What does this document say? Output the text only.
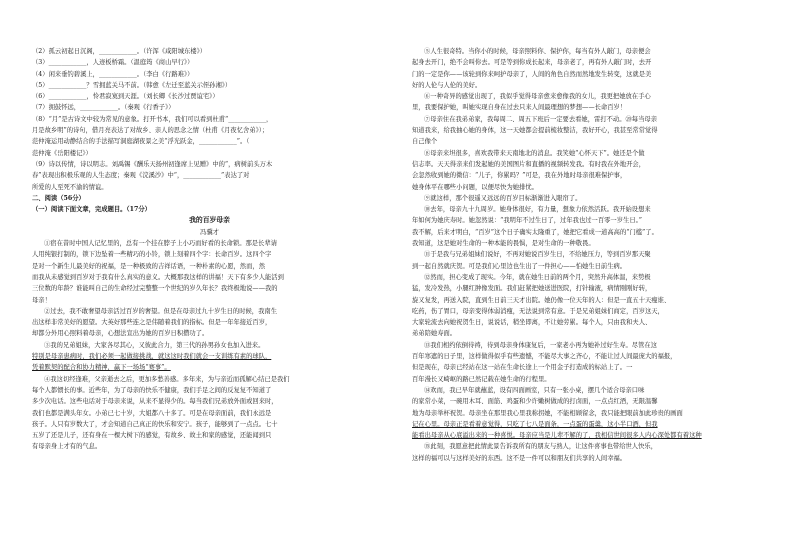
（2）孤云初起日沉阁，____________。（许浑《咸阳城东楼》）
（3）____________，人迹板桥霜。（温庭筠《商山早行》）
（4）闲来垂钓碧溪上，____________。（李白《行路难》）
（5）____________？雪拥蓝关马不前。（韩愈《左迁至蓝关示侄孙湘》）
（6）____________，怜君寂寞到天涯。（刘长卿《长沙过贾谊宅》）
（7）拥鼓怀远，____________。（秦观《行香子》）
（8）“月”是古诗文中较为常见的意象。打开书本，我们可以看到杜甫“____________，
月是故乡明”的诗句，借月亮表达了对故乡、亲人的思念之情（杜甫《月夜忆舍弟》）；
范仲淹运用动静结合的手法描写洞庭湖夜景之美“浮光跃金，____________”。（
范仲淹《岳阳楼记》）
（9）诗以传情，诗以明志。刘禹锡《酬乐天扬州初逢席上见赠》中的“，病树前头万木
春”表现出积极乐观的人生态度；秦观《浣溪沙》中“，____________”表达了对
所爱的人至死不渝的情谊。
二、阅读（56分）
（一）阅读下面文章，完成题目。（17分）
我的百岁母亲
冯骥才
①宿在昔时中国人记忆里的，总有一个挂在脖子上小巧而好看的长命锁。那是长辈请
人用纯银打制的，锁下边坠着一些精巧的小铃，锁上刻着四个字：长命百岁。这四个字
是对一个新生儿最美好的祝福，是一种极致的吉祥话语，一种朴素的心愿，然而，然
而我从未感觉到百岁对于我有什么真实的意义。大概那我这样的讲福！天下有多少人能活到
三位数的年龄？谁能叫自己的生命经过完整整一个世纪的岁久年长？我终极地说——我的
母亲！
②过去，我不敢奢望母亲活过百岁的奢望。但是在母亲过九十岁生日的时候，我南生
出这样非常美好的愿望。大英好那些连之是伟随着我们的指标。但是一年年接近百岁，
却都分外用心照料着母亲，心想法宣出为她的百岁日积攒功了。
③我的兄弟姐妹，大家各尽其心，又彼此合力，第三代的孙男孙女也加入进来。
特别是母亲患病时，我们必须一起做接挑战，就这这时我们就会一支训练有素的球队，
凭着默契的配合和协力精神，赢下一场场“赛事”。
④我这切经逢难，父亲逝去之后，更加多愁善感。多年来，为与亲近而孤解心结已是我们
每个人都惯长的事。近些年，为了母亲的快乐不健康，我们手足之间的反复复不知道了
多少次电话。这些电话对于母亲来说，从来不显得少的。每当我们兄弟放外面或回来时，
我们也都是满头年女。小弟已七十岁，大姐都八十多了。可是在母亲面前，我们永远是
孩子。人只有岁数大了，才会知道自己真正的快乐和安宁。孩子，能够到了一点点。七十
五岁了还是儿子，还有身在一棵大树下的感觉，有故乡、故土和家的感觉，还能闻到只
有母亲身上才有的气息。
⑤人生很奇特。当你小的时候，母亲照料你、保护你，每当有外人敲门，母亲便会
起身去开门，绝不会叫你去。可是等到你成长起来，母亲老了，再有外人敲门时，去开
门的一定是你——该轮到你来呵护母亲了，人间的角色自然而然地发生转变，这就是美
好的人伦与人伦的美好。
⑥一种奇异的感觉出现了，我似乎觉得母亲愈来愈像我的女儿，我更把她放在手心
里，我要保护她，叫她实现自身在过去只来人间最理想的梦想——长命百岁！
⑦母亲住在我弟弟家，我每周二、周五下班后一定要去看她，雷打不动。⑳每当母亲
知道我来，给我抽心她的身体，这一天她都会提前梳妆整洁，我好开心，我甚至常常觉得
自己像个
⑧母亲来坦很多，喜欢我带来天南地北的消息。我笑她“心怀天下”。她还是个做
信志率。天天得亲来们发起她的美国图片和直播的视频转发我。有时我在外地开会，
会忽然收到她的微信：“儿子，你累吗？”可是，我在外地时母亲很难保护事，
她身体平在哪些小问题，以便尽快为她排忧。
⑨就这样，那个很遥又远远的百岁目标渐渐进入眼帘了。
⑩去年，母亲九十九周岁。她身体很好，有力量，想象力依然活跃。我开始设想来
年如何为她庆寿时。她忽然说：“我明年不过生日了，过年我也过一百零一岁生日。”
我不解，后来才明白，“百岁”这个日子确实太隆重了，她把它看成一道高高的“门槛”了。
我知道，这是她对生命的一种本能的畏惧，是对生命的一种敬畏。
⑪于是我与兄弟姐妹们说好，不再对她说百岁生日，不给她压力，等到百岁那天聚
到一起自然就庆贺。可是我们心里边也生出了一件担心——怕她生日前生病。
⑫然而，担心变成了现实。今年，就在她生日前的两个月，突然升高体温，来势极
猛，发冷发热，小腿红肿像发面。我们赶紧把她送进医院，打针输液，病情刚刚好转，
旋又复发，再送入院，直到生日前三天才出院。她仍像一位天年的人：但是一直五十天瘦谁、
吃药，伤了胃口，母亲变得体弱消瘦，无法说到常有意。于是兄弟姐妹们商定，百岁这天，
大家轮流去向她祝贺生日，说说话，稍坐即离，不让她劳累。每个人，只由我和夫人、
弟弟陪她寿面。
⑬我们相约依倒待祷，待到母亲身体康复后，一家老小再为她补过好生寿。尽管在这
百年寒遮的日子里，这样做得似乎有些遗憾，不能尽大事之齐心，不能让过人间最庞大的福报，
但是现在，母亲已经站在这一站在生命长途上一个用金子打造成的标站上了。一
百年漫长又崎岖的路已然记载在她生命的行程里。
⑭欢而，我已早年就蘸蓝，设有四面画室，只有一张小桌，摆几个适合母亲口味
的家常小菜，一碗用木耳、面筋、鸡蛋和少许嫩树做成的打卤面，一点点红酒，无限温馨
地为母亲举杯祝贺。母亲坐在那里我心里我称拐她，不能相顾留念，我只能把眼前加此珍贵的画面
记在心里。母亲正是看着意觉得，只吃了七八是面条，一点蛋的蛋羹，这小半口酒，但我
能看出母亲从心底溢出来的一种喜悦。母亲应当是儿辈不解的了，我相信世间很多人内心深处都有着这种
⑮此刻，我愿意把此情此景告诉我所有的朋友与熟人，让这件喜事也带给世人快乐，
这样的福可以与这样美好的东西。这不是一件可以和朋友们共享的人间幸福。
